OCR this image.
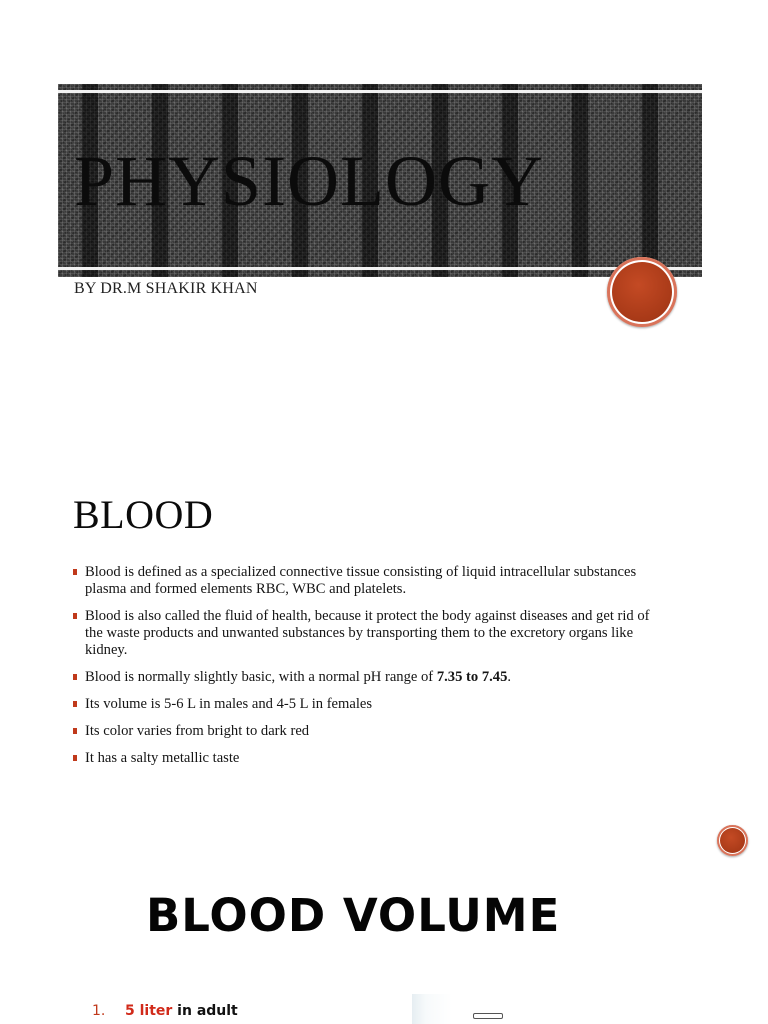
PHYSIOLOGY
BY DR.M SHAKIR KHAN
BLOOD
Blood is defined as a specialized connective tissue consisting of liquid intracellular substances plasma and formed elements RBC, WBC and platelets.
Blood is also called the fluid of health, because it protect the body against diseases and get rid of the waste products and unwanted substances by transporting them to the excretory organs like kidney.
Blood is normally slightly basic, with a normal pH range of 7.35 to 7.45.
Its volume is 5-6 L in males and 4-5 L in females
Its color varies from bright to dark red
It has a salty metallic taste
BLOOD VOLUME
1. 5 liter in adult
